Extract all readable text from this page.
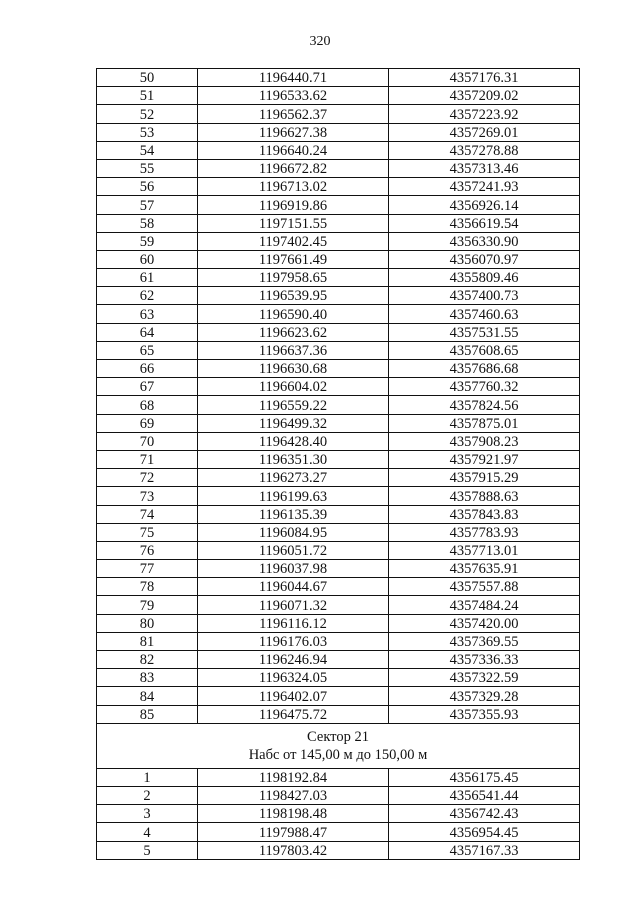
320
50	1196440.71	4357176.31
51	1196533.62	4357209.02
52	1196562.37	4357223.92
53	1196627.38	4357269.01
54	1196640.24	4357278.88
55	1196672.82	4357313.46
56	1196713.02	4357241.93
57	1196919.86	4356926.14
58	1197151.55	4356619.54
59	1197402.45	4356330.90
60	1197661.49	4356070.97
61	1197958.65	4355809.46
62	1196539.95	4357400.73
63	1196590.40	4357460.63
64	1196623.62	4357531.55
65	1196637.36	4357608.65
66	1196630.68	4357686.68
67	1196604.02	4357760.32
68	1196559.22	4357824.56
69	1196499.32	4357875.01
70	1196428.40	4357908.23
71	1196351.30	4357921.97
72	1196273.27	4357915.29
73	1196199.63	4357888.63
74	1196135.39	4357843.83
75	1196084.95	4357783.93
76	1196051.72	4357713.01
77	1196037.98	4357635.91
78	1196044.67	4357557.88
79	1196071.32	4357484.24
80	1196116.12	4357420.00
81	1196176.03	4357369.55
82	1196246.94	4357336.33
83	1196324.05	4357322.59
84	1196402.07	4357329.28
85	1196475.72	4357355.93

Сектор 21
Набс от 145,00 м до 150,00 м		

1	1198192.84	4356175.45
2	1198427.03	4356541.44
3	1198198.48	4356742.43
4	1197988.47	4356954.45
5	1197803.42	4357167.33
